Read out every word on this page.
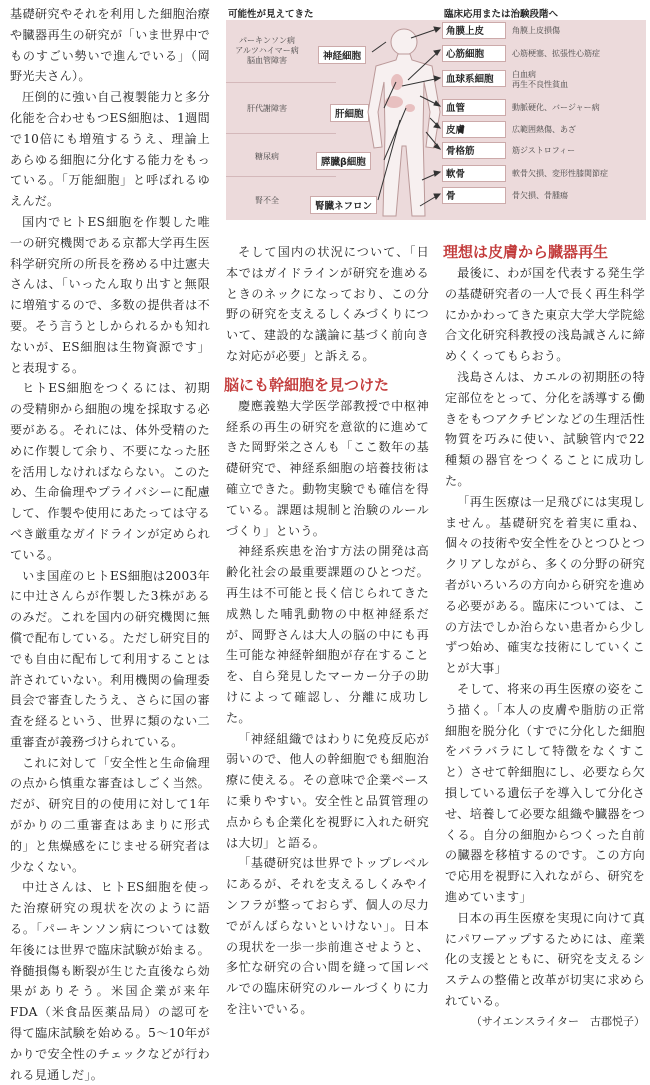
可能性が見えてきた	臨床応用または治験段階へ
パーキンソン病
アルツハイマー病
脳血管障害
肝代謝障害
糖尿病
腎不全
神経細胞
肝細胞
膵臓β細胞
腎臓ネフロン
角膜上皮	角膜上皮損傷
心筋細胞	心筋梗塞、拡張性心筋症
血球系細胞	白血病
再生不良性貧血
血管	動脈硬化、バージャー病
皮膚	広範囲熱傷、あざ
骨格筋	筋ジストロフィー
軟骨	軟骨欠損、変形性膝関節症
骨	骨欠損、骨腫瘍

基礎研究やそれを利用した細胞治療や臓器再生の研究が「いま世界中でものすごい勢いで進んでいる」（岡野光夫さん）。

圧倒的に強い自己複製能力と多分化能を合わせもつES細胞は、1週間で10倍にも増殖するうえ、理論上あらゆる細胞に分化する能力をもっている。「万能細胞」と呼ばれるゆえんだ。

国内でヒトES細胞を作製した唯一の研究機関である京都大学再生医科学研究所の所長を務める中辻憲夫さんは、「いったん取り出すと無限に増殖するので、多数の提供者は不要。そう言うとしかられるかも知れないが、ES細胞は生物資源です」と表現する。

ヒトES細胞をつくるには、初期の受精卵から細胞の塊を採取する必要がある。それには、体外受精のために作製して余り、不要になった胚を活用しなければならない。このため、生命倫理やプライバシーに配慮して、作製や使用にあたっては守るべき厳重なガイドラインが定められている。

いま国産のヒトES細胞は2003年に中辻さんらが作製した3株があるのみだ。これを国内の研究機関に無償で配布している。ただし研究目的でも自由に配布して利用することは許されていない。利用機関の倫理委員会で審査したうえ、さらに国の審査を経るという、世界に類のない二重審査が義務づけられている。

これに対して「安全性と生命倫理の点から慎重な審査はしごく当然。だが、研究目的の使用に対して1年がかりの二重審査はあまりに形式的」と焦燥感をにじませる研究者は少なくない。

中辻さんは、ヒトES細胞を使った治療研究の現状を次のように語る。「パーキンソン病については数年後には世界で臨床試験が始まる。脊髄損傷も断裂が生じた直後なら効果がありそう。米国企業が来年FDA（米食品医薬品局）の認可を得て臨床試験を始める。5〜10年がかりで安全性のチェックなどが行われる見通しだ」。

そして国内の状況について、「日本ではガイドラインが研究を進めるときのネックになっており、この分野の研究を支えるしくみづくりについて、建設的な議論に基づく前向きな対応が必要」と訴える。

脳にも幹細胞を見つけた

慶應義塾大学医学部教授で中枢神経系の再生の研究を意欲的に進めてきた岡野栄之さんも「ここ数年の基礎研究で、神経系細胞の培養技術は確立できた。動物実験でも確信を得ている。課題は規制と治験のルールづくり」という。

神経系疾患を治す方法の開発は高齢化社会の最重要課題のひとつだ。再生は不可能と長く信じられてきた成熟した哺乳動物の中枢神経系だが、岡野さんは大人の脳の中にも再生可能な神経幹細胞が存在することを、自ら発見したマーカー分子の助けによって確認し、分離に成功した。

「神経組織ではわりに免疫反応が弱いので、他人の幹細胞でも細胞治療に使える。その意味で企業ベースに乗りやすい。安全性と品質管理の点からも企業化を視野に入れた研究は大切」と語る。

「基礎研究は世界でトップレベルにあるが、それを支えるしくみやインフラが整っておらず、個人の尽力でがんばらないといけない」。日本の現状を一歩一歩前進させようと、多忙な研究の合い間を縫って国レベルでの臨床研究のルールづくりに力を注いでいる。

理想は皮膚から臓器再生

最後に、わが国を代表する発生学の基礎研究者の一人で長く再生科学にかかわってきた東京大学大学院総合文化研究科教授の浅島誠さんに締めくくってもらおう。

浅島さんは、カエルの初期胚の特定部位をとって、分化を誘導する働きをもつアクチビンなどの生理活性物質を巧みに使い、試験管内で22種類の器官をつくることに成功した。

「再生医療は一足飛びには実現しません。基礎研究を着実に重ね、個々の技術や安全性をひとつひとつクリアしながら、多くの分野の研究者がいろいろの方向から研究を進める必要がある。臨床については、この方法でしか治らない患者から少しずつ始め、確実な技術にしていくことが大事」

そして、将来の再生医療の姿をこう描く。「本人の皮膚や脂肪の正常細胞を脱分化（すでに分化した細胞をバラバラにして特徴をなくすこと）させて幹細胞にし、必要なら欠損している遺伝子を導入して分化させ、培養して必要な組織や臓器をつくる。自分の細胞からつくった自前の臓器を移植するのです。この方向で応用を視野に入れながら、研究を進めています」

日本の再生医療を実現に向けて真にパワーアップするためには、産業化の支援とともに、研究を支えるシステムの整備と改革が切実に求められている。

（サイエンスライター　古郡悦子）
